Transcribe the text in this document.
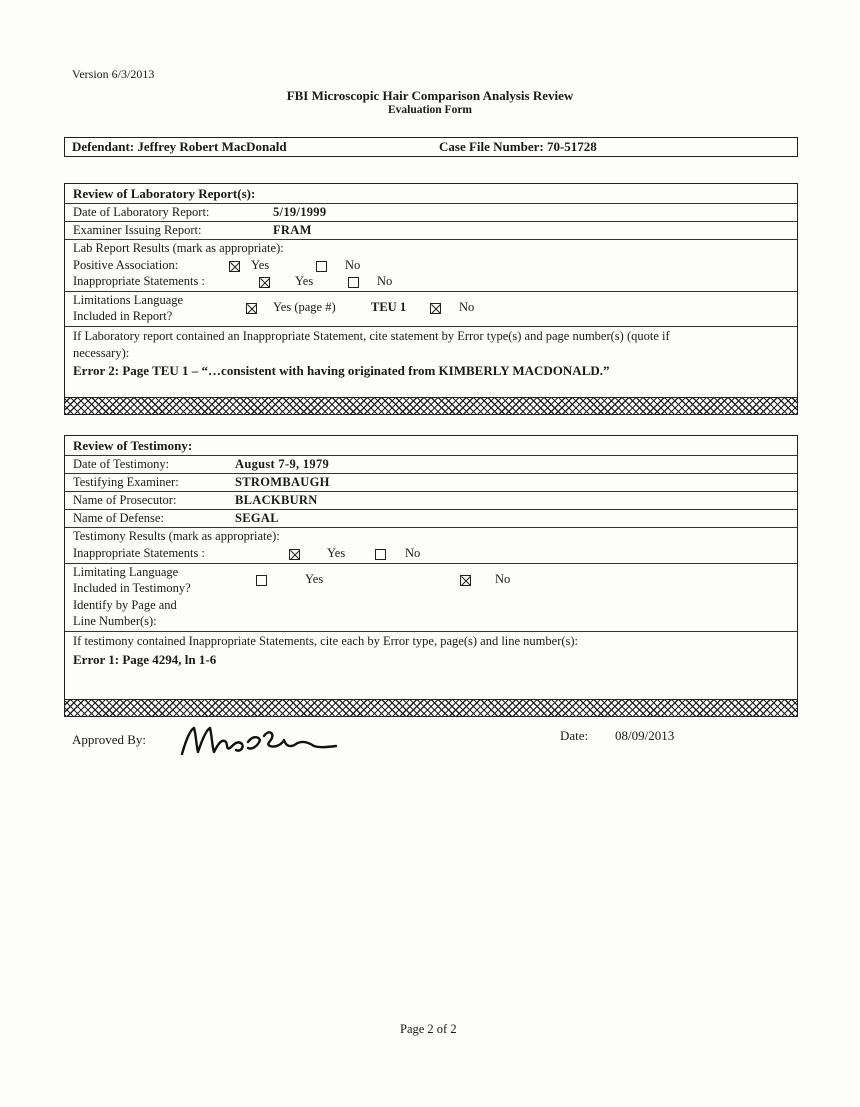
Version 6/3/2013
FBI Microscopic Hair Comparison Analysis Review
Evaluation Form
Defendant: Jeffrey Robert MacDonald	Case File Number: 70-51728
Review of Laboratory Report(s):
Date of Laboratory Report:	5/19/1999
Examiner Issuing Report:	FRAM
Lab Report Results (mark as appropriate):
Positive Association:	Yes	No
Inappropriate Statements :	Yes	No
Limitations Language
Included in Report?
Yes (page #)	TEU 1	No
If Laboratory report contained an Inappropriate Statement, cite statement by Error type(s) and page number(s) (quote if
necessary):
Error 2: Page TEU 1 – “…consistent with having originated from KIMBERLY MACDONALD.”
Review of Testimony:
Date of Testimony:	August 7-9, 1979
Testifying Examiner:	STROMBAUGH
Name of Prosecutor:	BLACKBURN
Name of Defense:	SEGAL
Testimony Results (mark as appropriate):
Inappropriate Statements :	Yes	No
Limitating Language
Included in Testimony?
Identify by Page and
Line Number(s):
Yes	No
If testimony contained Inappropriate Statements, cite each by Error type, page(s) and line number(s):
Error 1: Page 4294, ln 1-6
Approved By:	Date: 08/09/2013
Page 2 of 2
